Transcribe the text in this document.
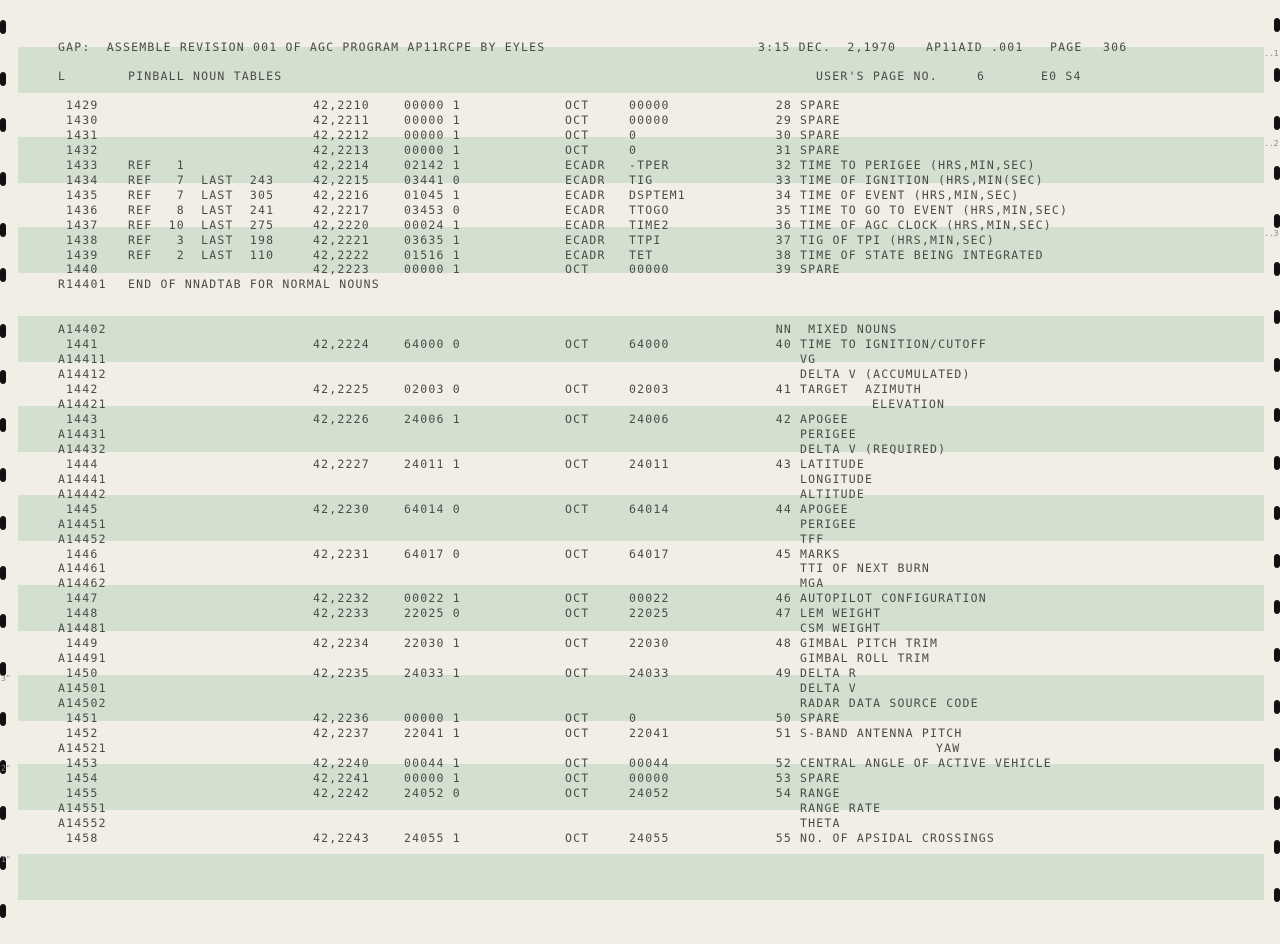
1"
2"
3"
..1
..2
..3
GAP:  ASSEMBLE REVISION 001 OF AGC PROGRAM AP11RCPE BY EYLES	3:15 DEC.  2,1970	AP11AID .001 PAGE 306
L	PINBALL NOUN TABLES	USER'S PAGE NO.	6	E0 S4
1429	42,2210	00000 1	OCT	00000	28 SPARE
1430	42,2211	00000 1	OCT	00000	29 SPARE
1431	42,2212	00000 1	OCT	0	30 SPARE
1432	42,2213	00000 1	OCT	0	31 SPARE
1433	REF   1	42,2214	02142 1	ECADR -TPER	32 TIME TO PERIGEE (HRS,MIN,SEC)
1434	REF   7  LAST  243	42,2215	03441 0	ECADR TIG	33 TIME OF IGNITION (HRS,MIN(SEC)
1435	REF   7  LAST  305	42,2216	01045 1	ECADR DSPTEM1	34 TIME OF EVENT (HRS,MIN,SEC)
1436	REF   8  LAST  241	42,2217	03453 0	ECADR TTOGO	35 TIME TO GO TO EVENT (HRS,MIN,SEC)
1437	REF  10  LAST  275	42,2220	00024 1	ECADR TIME2	36 TIME OF AGC CLOCK (HRS,MIN,SEC)
1438	REF   3  LAST  198	42,2221	03635 1	ECADR TTPI	37 TIG OF TPI (HRS,MIN,SEC)
1439	REF   2  LAST  110	42,2222	01516 1	ECADR TET	38 TIME OF STATE BEING INTEGRATED
1440	42,2223	00000 1	OCT	00000	39 SPARE
R14401 END OF NNADTAB FOR NORMAL NOUNS
A14402	NN MIXED NOUNS
1441	42,2224	64000 0	OCT	64000	40 TIME TO IGNITION/CUTOFF
A14411	VG
A14412	DELTA V (ACCUMULATED)
1442	42,2225	02003 0	OCT	02003	41 TARGET  AZIMUTH
A14421	ELEVATION
1443	42,2226	24006 1	OCT	24006	42 APOGEE
A14431	PERIGEE
A14432	DELTA V (REQUIRED)
1444	42,2227	24011 1	OCT	24011	43 LATITUDE
A14441	LONGITUDE
A14442	ALTITUDE
1445	42,2230	64014 0	OCT	64014	44 APOGEE
A14451	PERIGEE
A14452	TFF
1446	42,2231	64017 0	OCT	64017	45 MARKS
A14461	TTI OF NEXT BURN
A14462	MGA
1447	42,2232	00022 1	OCT	00022	46 AUTOPILOT CONFIGURATION
1448	42,2233	22025 0	OCT	22025	47 LEM WEIGHT
A14481	CSM WEIGHT
1449	42,2234	22030 1	OCT	22030	48 GIMBAL PITCH TRIM
A14491	GIMBAL ROLL TRIM
1450	42,2235	24033 1	OCT	24033	49 DELTA R
A14501	DELTA V
A14502	RADAR DATA SOURCE CODE
1451	42,2236	00000 1	OCT	0	50 SPARE
1452	42,2237	22041 1	OCT	22041	51 S-BAND ANTENNA PITCH
A14521	YAW
1453	42,2240	00044 1	OCT	00044	52 CENTRAL ANGLE OF ACTIVE VEHICLE
1454	42,2241	00000 1	OCT	00000	53 SPARE
1455	42,2242	24052 0	OCT	24052	54 RANGE
A14551	RANGE RATE
A14552	THETA
1458	42,2243	24055 1	OCT	24055	55 NO. OF APSIDAL CROSSINGS
